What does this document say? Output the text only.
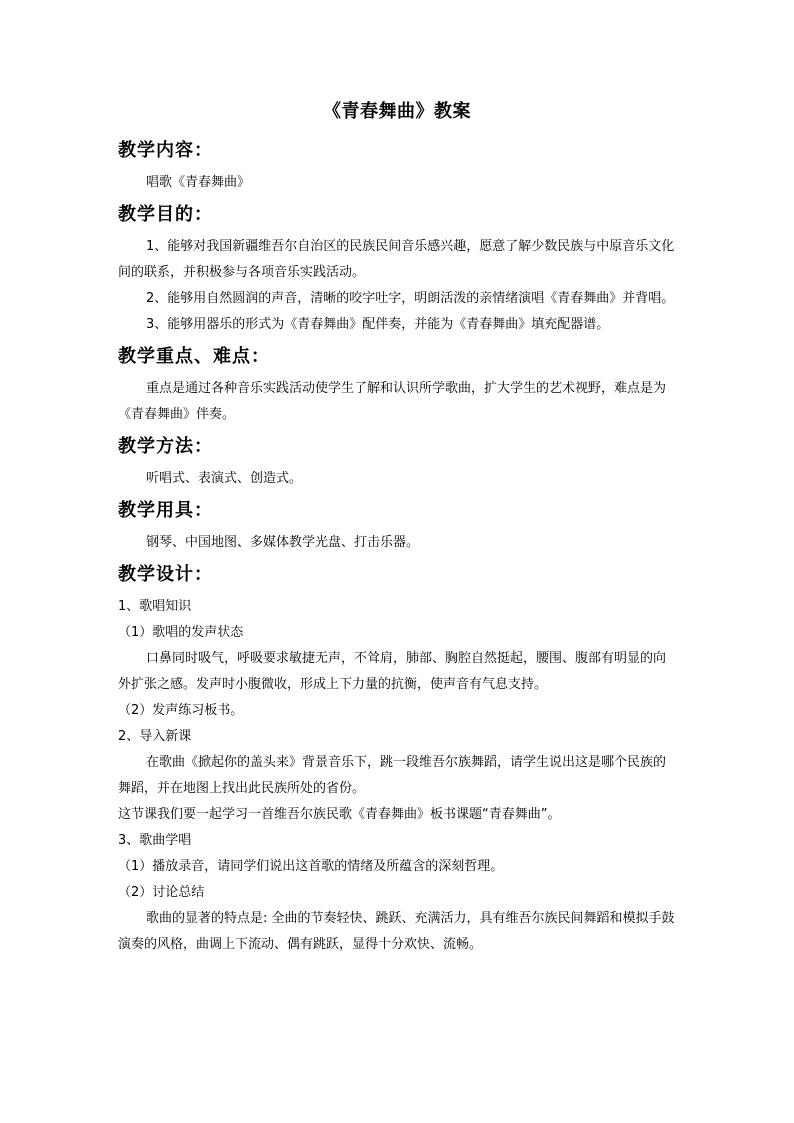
《青春舞曲》教案
教学内容：

唱歌《青春舞曲》

教学目的：

1、能够对我国新疆维吾尔自治区的民族民间音乐感兴趣，愿意了解少数民族与中原音乐文化间的联系，并积极参与各项音乐实践活动。

2、能够用自然圆润的声音，清晰的咬字吐字，明朗活泼的亲情绪演唱《青春舞曲》并背唱。

3、能够用器乐的形式为《青春舞曲》配伴奏，并能为《青春舞曲》填充配器谱。

教学重点、难点：

重点是通过各种音乐实践活动使学生了解和认识所学歌曲，扩大学生的艺术视野，难点是为《青春舞曲》伴奏。

教学方法：

听唱式、表演式、创造式。

教学用具：

钢琴、中国地图、多媒体教学光盘、打击乐器。

教学设计：

1、歌唱知识

（1）歌唱的发声状态

口鼻同时吸气，呼吸要求敏捷无声，不耸肩，肺部、胸腔自然挺起，腰围、腹部有明显的向外扩张之感。发声时小腹微收，形成上下力量的抗衡，使声音有气息支持。

（2）发声练习板书。

2、导入新课

在歌曲《掀起你的盖头来》背景音乐下，跳一段维吾尔族舞蹈，请学生说出这是哪个民族的舞蹈，并在地图上找出此民族所处的省份。

这节课我们要一起学习一首维吾尔族民歌《青春舞曲》板书课题“青春舞曲”。

3、歌曲学唱

（1）播放录音，请同学们说出这首歌的情绪及所蕴含的深刻哲理。

（2）讨论总结

歌曲的显著的特点是: 全曲的节奏轻快、跳跃、充满活力，具有维吾尔族民间舞蹈和模拟手鼓演奏的风格，曲调上下流动、偶有跳跃，显得十分欢快、流畅。
